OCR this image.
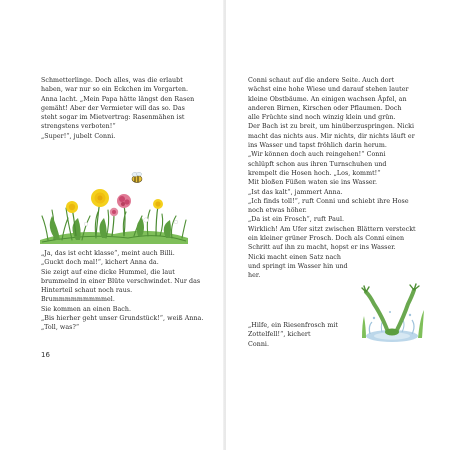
Schmetterlinge. Doch alles, was die erlaubt
haben, war nur so ein Eckchen im Vorgarten.
Anna lacht. „Mein Papa hätte längst den Rasen
gemäht! Aber der Vermieter will das so. Das
steht sogar im Mietvertrag: Rasenmähen ist
strengstens verboten!“
„Super!“, jubelt Conni.
„Ja, das ist echt klasse“, meint auch Billi.
„Guckt doch mal!“, kichert Anna da.
Sie zeigt auf eine dicke Hummel, die laut
brummelnd in einer Blüte verschwindet. Nur das
Hinterteil schaut noch raus.
Brummmmmmmmmel.
Sie kommen an einen Bach.
„Bis hierher geht unser Grundstück!“, weiß Anna.
„Toll, was?“
16
Conni schaut auf die andere Seite. Auch dort
wächst eine hohe Wiese und darauf stehen lauter
kleine Obstbäume. An einigen wachsen Äpfel, an
anderen Birnen, Kirschen oder Pflaumen. Doch
alle Früchte sind noch winzig klein und grün.
Der Bach ist zu breit, um hinüberzuspringen. Nicki
macht das nichts aus. Mir nichts, dir nichts läuft er
ins Wasser und tapst fröhlich darin herum.
„Wir können doch auch reingehen!“ Conni
schlüpft schon aus ihren Turnschuhen und
krempelt die Hosen hoch. „Los, kommt!“
Mit bloßen Füßen waten sie ins Wasser.
„Ist das kalt“, jammert Anna.
„Ich finds toll!“, ruft Conni und schiebt ihre Hose
noch etwas höher.
„Da ist ein Frosch“, ruft Paul.
Wirklich! Am Ufer sitzt zwischen Blättern versteckt
ein kleiner grüner Frosch. Doch als Conni einen
Schritt auf ihn zu macht, hopst er ins Wasser.
Nicki macht einen Satz nach
und springt im Wasser hin und
her.
„Hilfe, ein Riesenfrosch mit
Zottelfell!“, kichert
Conni.
